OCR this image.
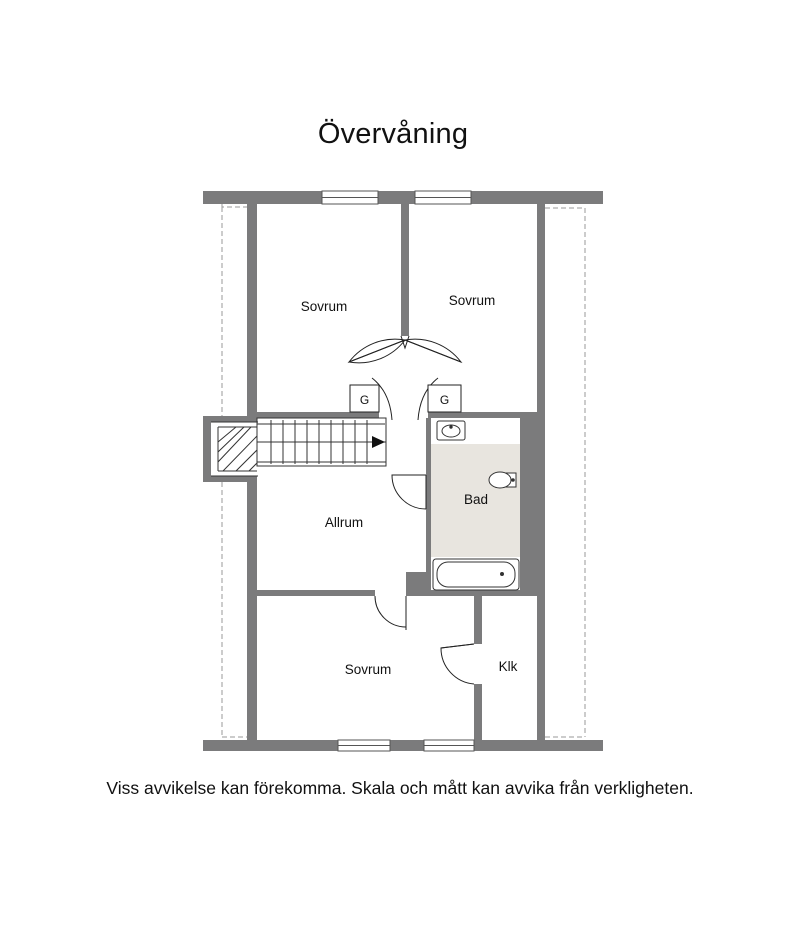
Övervåning
Sovrum	Sovrum
Allrum
Bad
Sovrum	Klk
G	G
Viss avvikelse kan förekomma. Skala och mått kan avvika från verkligheten.
